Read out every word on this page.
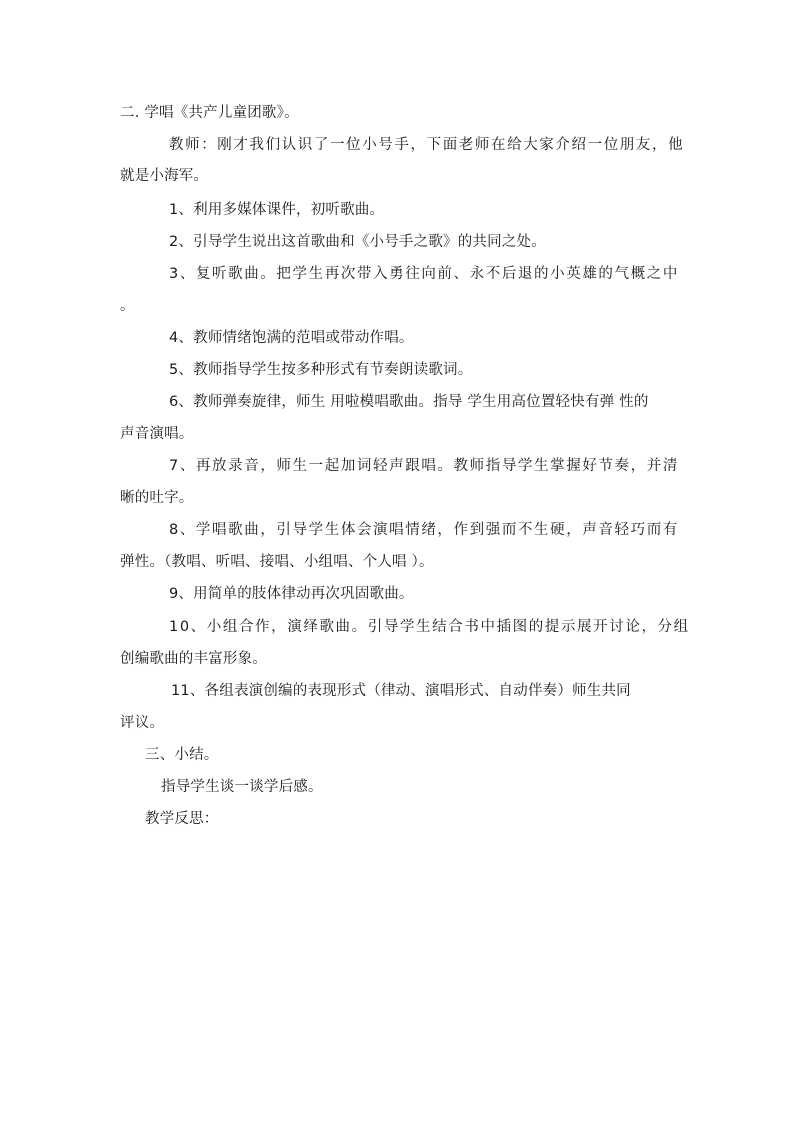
二. 学唱《共产儿童团歌》。
教师：刚才我们认识了一位小号手，下面老师在给大家介绍一位朋友，他
就是小海军。
1、利用多媒体课件，初听歌曲。
2、引导学生说出这首歌曲和《小号手之歌》的共同之处。
3、复听歌曲。把学生再次带入勇往向前、永不后退的小英雄的气概之中
。
4、教师情绪饱满的范唱或带动作唱。
5、教师指导学生按多种形式有节奏朗读歌词。
6、教师弹奏旋律，师生 用啦模唱歌曲。指导 学生用高位置轻快有弹 性的
声音演唱。
7、再放录音，师生一起加词轻声跟唱。教师指导学生掌握好节奏，并清
晰的吐字。
8、学唱歌曲，引导学生体会演唱情绪，作到强而不生硬，声音轻巧而有
弹性。（教唱、听唱、接唱、小组唱、个人唱 ）。
9、用简单的肢体律动再次巩固歌曲。
10、小组合作，演绎歌曲。引导学生结合书中插图的提示展开讨论，分组
创编歌曲的丰富形象。
11、各组表演创编的表现形式（律动、演唱形式、自动伴奏）师生共同
评议。
三、小结。
指导学生谈一谈学后感。
教学反思：
